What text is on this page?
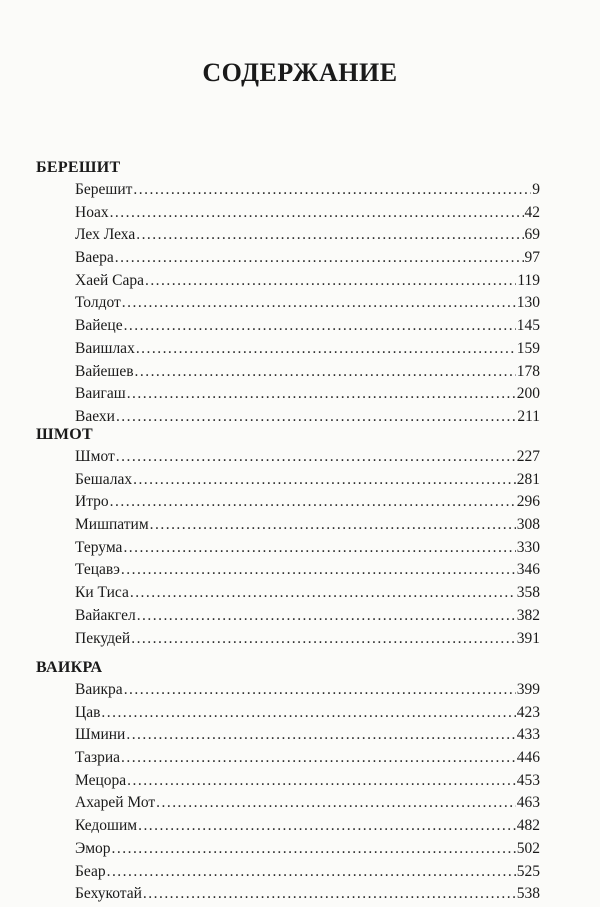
СОДЕРЖАНИЕ
БЕРЕШИТ
Берешит . . .	9
Ноах . . .	42
Лех Леха . . .	69
Ваера . . .	97
Хаей Сара . . .	119
Толдот . . .	130
Вайеце . . .	145
Ваишлах . . .	159
Вайешев . . .	178
Ваигаш . . .	200
Ваехи . . .	211
ШМОТ
Шмот . . .	227
Бешалах . . .	281
Итро . . .	296
Мишпатим . . .	308
Терума . . .	330
Тецавэ . . .	346
Ки Тиса . . .	358
Вайакгел . . .	382
Пекудей . . .	391
ВАИКРА
Ваикра . . .	399
Цав . . .	423
Шмини . . .	433
Тазриа . . .	446
Мецора . . .	453
Ахарей Мот . . .	463
Кедошим . . .	482
Эмор . . .	502
Беар . . .	525
Бехукотай . . .	538
